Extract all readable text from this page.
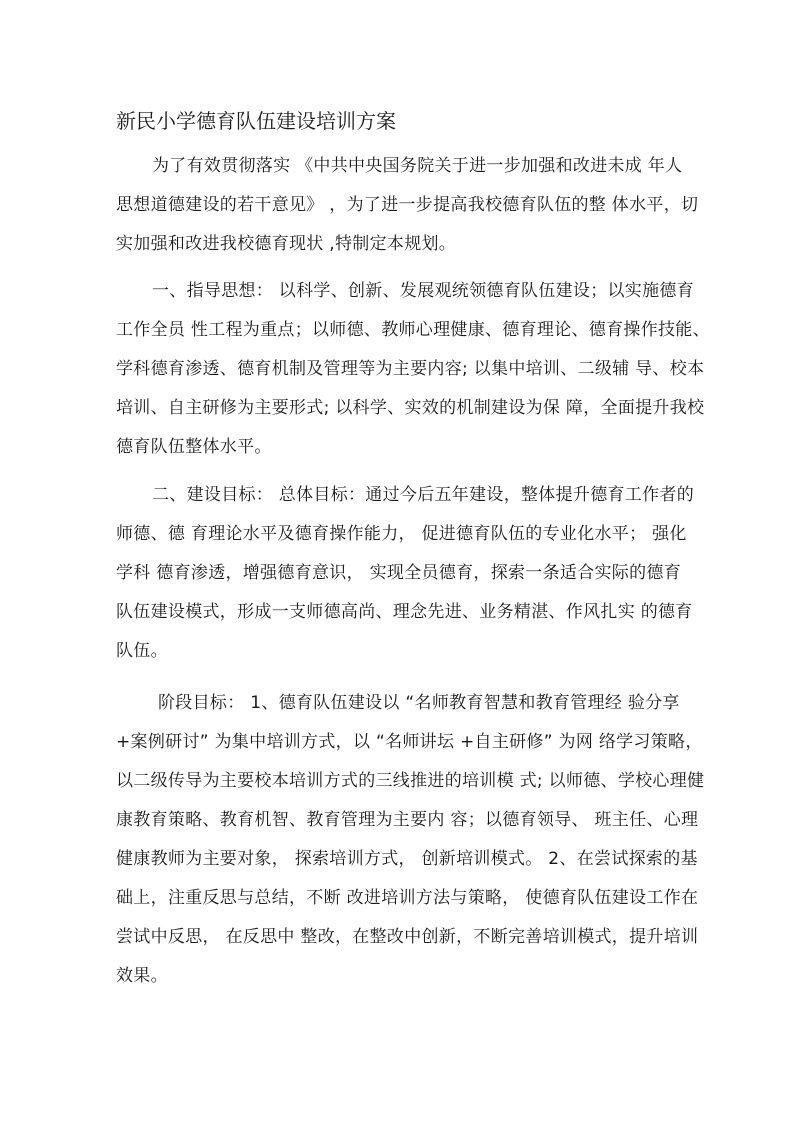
新民小学德育队伍建设培训方案
为了有效贯彻落实 《中共中央国务院关于进一步加强和改进未成 年人
思想道德建设的若干意见》 ，为了进一步提高我校德育队伍的整 体水平，切
实加强和改进我校德育现状 ,特制定本规划。
一、指导思想： 以科学、创新、发展观统领德育队伍建设；以实施德育
工作全员 性工程为重点；以师德、教师心理健康、德育理论、德育操作技能、
学科德育渗透、德育机制及管理等为主要内容; 以集中培训、二级辅 导、校本
培训、自主研修为主要形式; 以科学、实效的机制建设为保 障，全面提升我校
德育队伍整体水平。
二、建设目标： 总体目标：通过今后五年建设，整体提升德育工作者的
师德、德 育理论水平及德育操作能力， 促进德育队伍的专业化水平； 强化
学科 德育渗透，增强德育意识， 实现全员德育，探索一条适合实际的德育
队伍建设模式，形成一支师德高尚、理念先进、业务精湛、作风扎实 的德育
队伍。
阶段目标： 1、德育队伍建设以 “名师教育智慧和教育管理经 验分享
+案例研讨” 为集中培训方式，以 “名师讲坛 +自主研修” 为网 络学习策略，
以二级传导为主要校本培训方式的三线推进的培训模 式; 以师德、学校心理健
康教育策略、教育机智、教育管理为主要内 容；以德育领导、 班主任、心理
健康教师为主要对象， 探索培训方式， 创新培训模式。 2、在尝试探索的基
础上，注重反思与总结，不断 改进培训方法与策略， 使德育队伍建设工作在
尝试中反思， 在反思中 整改，在整改中创新，不断完善培训模式，提升培训
效果。
